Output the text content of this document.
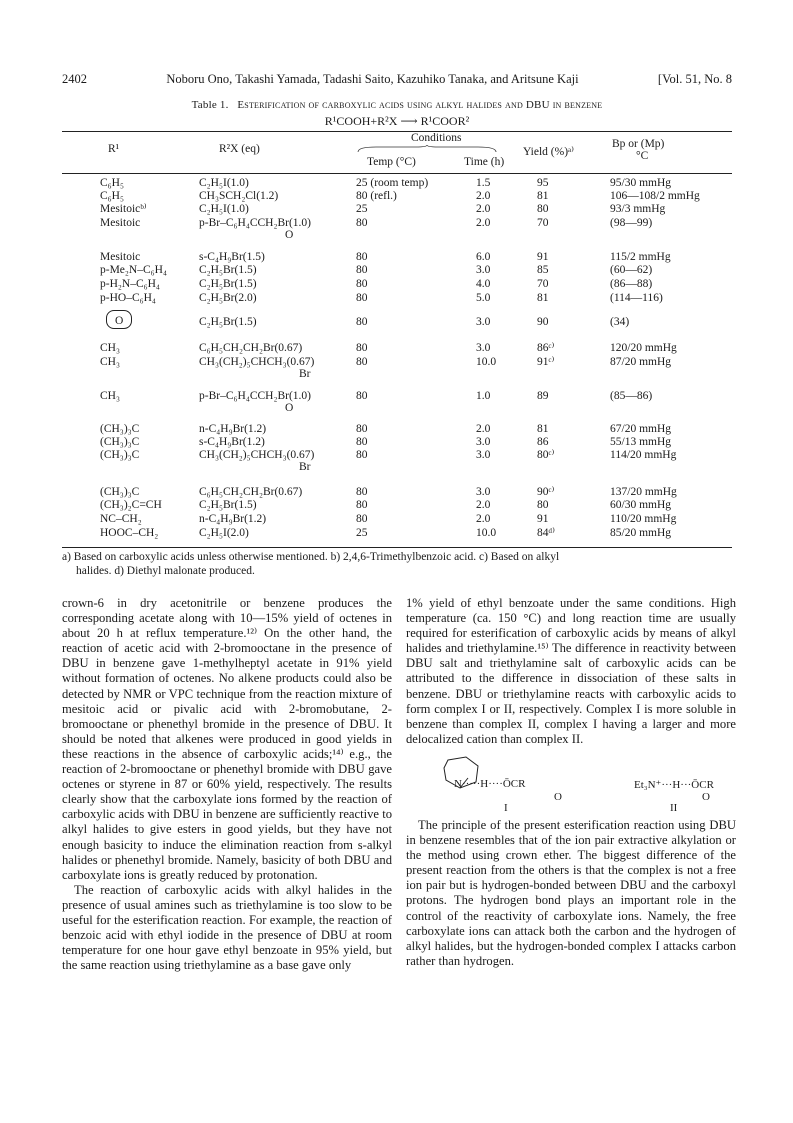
2402	Noboru Ono, Takashi Yamada, Tadashi Saito, Kazuhiko Tanaka, and Aritsune Kaji	[Vol. 51, No. 8
Table 1. Esterification of carboxylic acids using alkyl halides and DBU in benzene
R¹COOH+R²X ⟶ R¹COOR²
R¹	R²X (eq)
Conditions
Temp (°C)	Time (h)
Yield (%)ᵃ⁾
Bp or (Mp)
°C
C₆H₅	C₂H₅I(1.0)	25 (room temp)	1.5	95	95/30 mmHg
C₆H₅	CH₃SCH₂Cl(1.2)	80 (refl.)	2.0	81	106—108/2 mmHg
Mesitoicᵇ⁾	C₂H₅I(1.0)	25	2.0	80	93/3 mmHg
Mesitoic	p-Br–C₆H₄CCH₂Br(1.0)	80	2.0	70	(98—99)
O
Mesitoic	s-C₄H₉Br(1.5)	80	6.0	91	115/2 mmHg
p-Me₂N–C₆H₄	C₂H₅Br(1.5)	80	3.0	85	(60—62)
p-H₂N–C₆H₄	C₂H₅Br(1.5)	80	4.0	70	(86—88)
p-HO–C₆H₄	C₂H₅Br(2.0)	80	5.0	81	(114—116)
O	C₂H₅Br(1.5)	80	3.0	90	(34)
CH₃	C₆H₅CH₂CH₂Br(0.67)	80	3.0	86ᶜ⁾	120/20 mmHg
CH₃	CH₃(CH₂)₅CHCH₃(0.67)	80	10.0	91ᶜ⁾	87/20 mmHg
Br
CH₃	p-Br–C₆H₄CCH₂Br(1.0)	80	1.0	89	(85—86)
O
(CH₃)₃C	n-C₄H₉Br(1.2)	80	2.0	81	67/20 mmHg
(CH₃)₃C	s-C₄H₉Br(1.2)	80	3.0	86	55/13 mmHg
(CH₃)₃C	CH₃(CH₂)₅CHCH₃(0.67)	80	3.0	80ᶜ⁾	114/20 mmHg
Br
(CH₃)₃C	C₆H₅CH₂CH₂Br(0.67)	80	3.0	90ᶜ⁾	137/20 mmHg
(CH₃)₂C=CH	C₂H₅Br(1.5)	80	2.0	80	60/30 mmHg
NC–CH₂	n-C₄H₉Br(1.2)	80	2.0	91	110/20 mmHg
HOOC–CH₂	C₂H₅I(2.0)	25	10.0	84ᵈ⁾	85/20 mmHg
a) Based on carboxylic acids unless otherwise mentioned. b) 2,4,6-Trimethylbenzoic acid. c) Based on alkyl
halides. d) Diethyl malonate produced.

crown-6 in dry acetonitrile or benzene produces the corresponding acetate along with 10—15% yield of octenes in about 20 h at reflux temperature.¹²⁾ On the other hand, the reaction of acetic acid with 2-bromooctane in the presence of DBU in benzene gave 1-methylheptyl acetate in 91% yield without formation of octenes. No alkene products could also be detected by NMR or VPC technique from the reaction mixture of mesitoic acid or pivalic acid with 2-bromobutane, 2-bromooctane or phenethyl bromide in the presence of DBU. It should be noted that alkenes were produced in good yields in these reactions in the absence of carboxylic acids;¹⁴⁾ e.g., the reaction of 2-bromooctane or phenethyl bromide with DBU gave octenes or styrene in 87 or 60% yield, respectively. The results clearly show that the carboxylate ions formed by the reaction of carboxylic acids with DBU in benzene are sufficiently reactive to alkyl halides to give esters in good yields, but they have not enough basicity to induce the elimination reaction from s-alkyl halides or phenethyl bromide. Namely, basicity of both DBU and carboxylate ions is greatly reduced by protonation.

The reaction of carboxylic acids with alkyl halides in the presence of usual amines such as triethylamine is too slow to be useful for the esterification reaction. For example, the reaction of benzoic acid with ethyl iodide in the presence of DBU at room temperature for one hour gave ethyl benzoate in 95% yield, but the same reaction using triethylamine as a base gave only

1% yield of ethyl benzoate under the same conditions. High temperature (ca. 150 °C) and long reaction time are usually required for esterification of carboxylic acids by means of alkyl halides and triethylamine.¹⁵⁾ The difference in reactivity between DBU salt and triethylamine salt of carboxylic acids can be attributed to the difference in dissociation of these salts in benzene. DBU or triethylamine reacts with carboxylic acids to form complex I or II, respectively. Complex I is more soluble in benzene than complex II, complex I having a larger and more delocalized cation than complex II.

N·····H····ŌCR
O
I
Et₃N⁺···H···ŌCR
O
II

The principle of the present esterification reaction using DBU in benzene resembles that of the ion pair extractive alkylation or the method using crown ether. The biggest difference of the present reaction from the others is that the complex is not a free ion pair but is hydrogen-bonded between DBU and the carboxyl protons. The hydrogen bond plays an important role in the control of the reactivity of carboxylate ions. Namely, the free carboxylate ions can attack both the carbon and the hydrogen of alkyl halides, but the hydrogen-bonded complex I attacks carbon rather than hydrogen.
